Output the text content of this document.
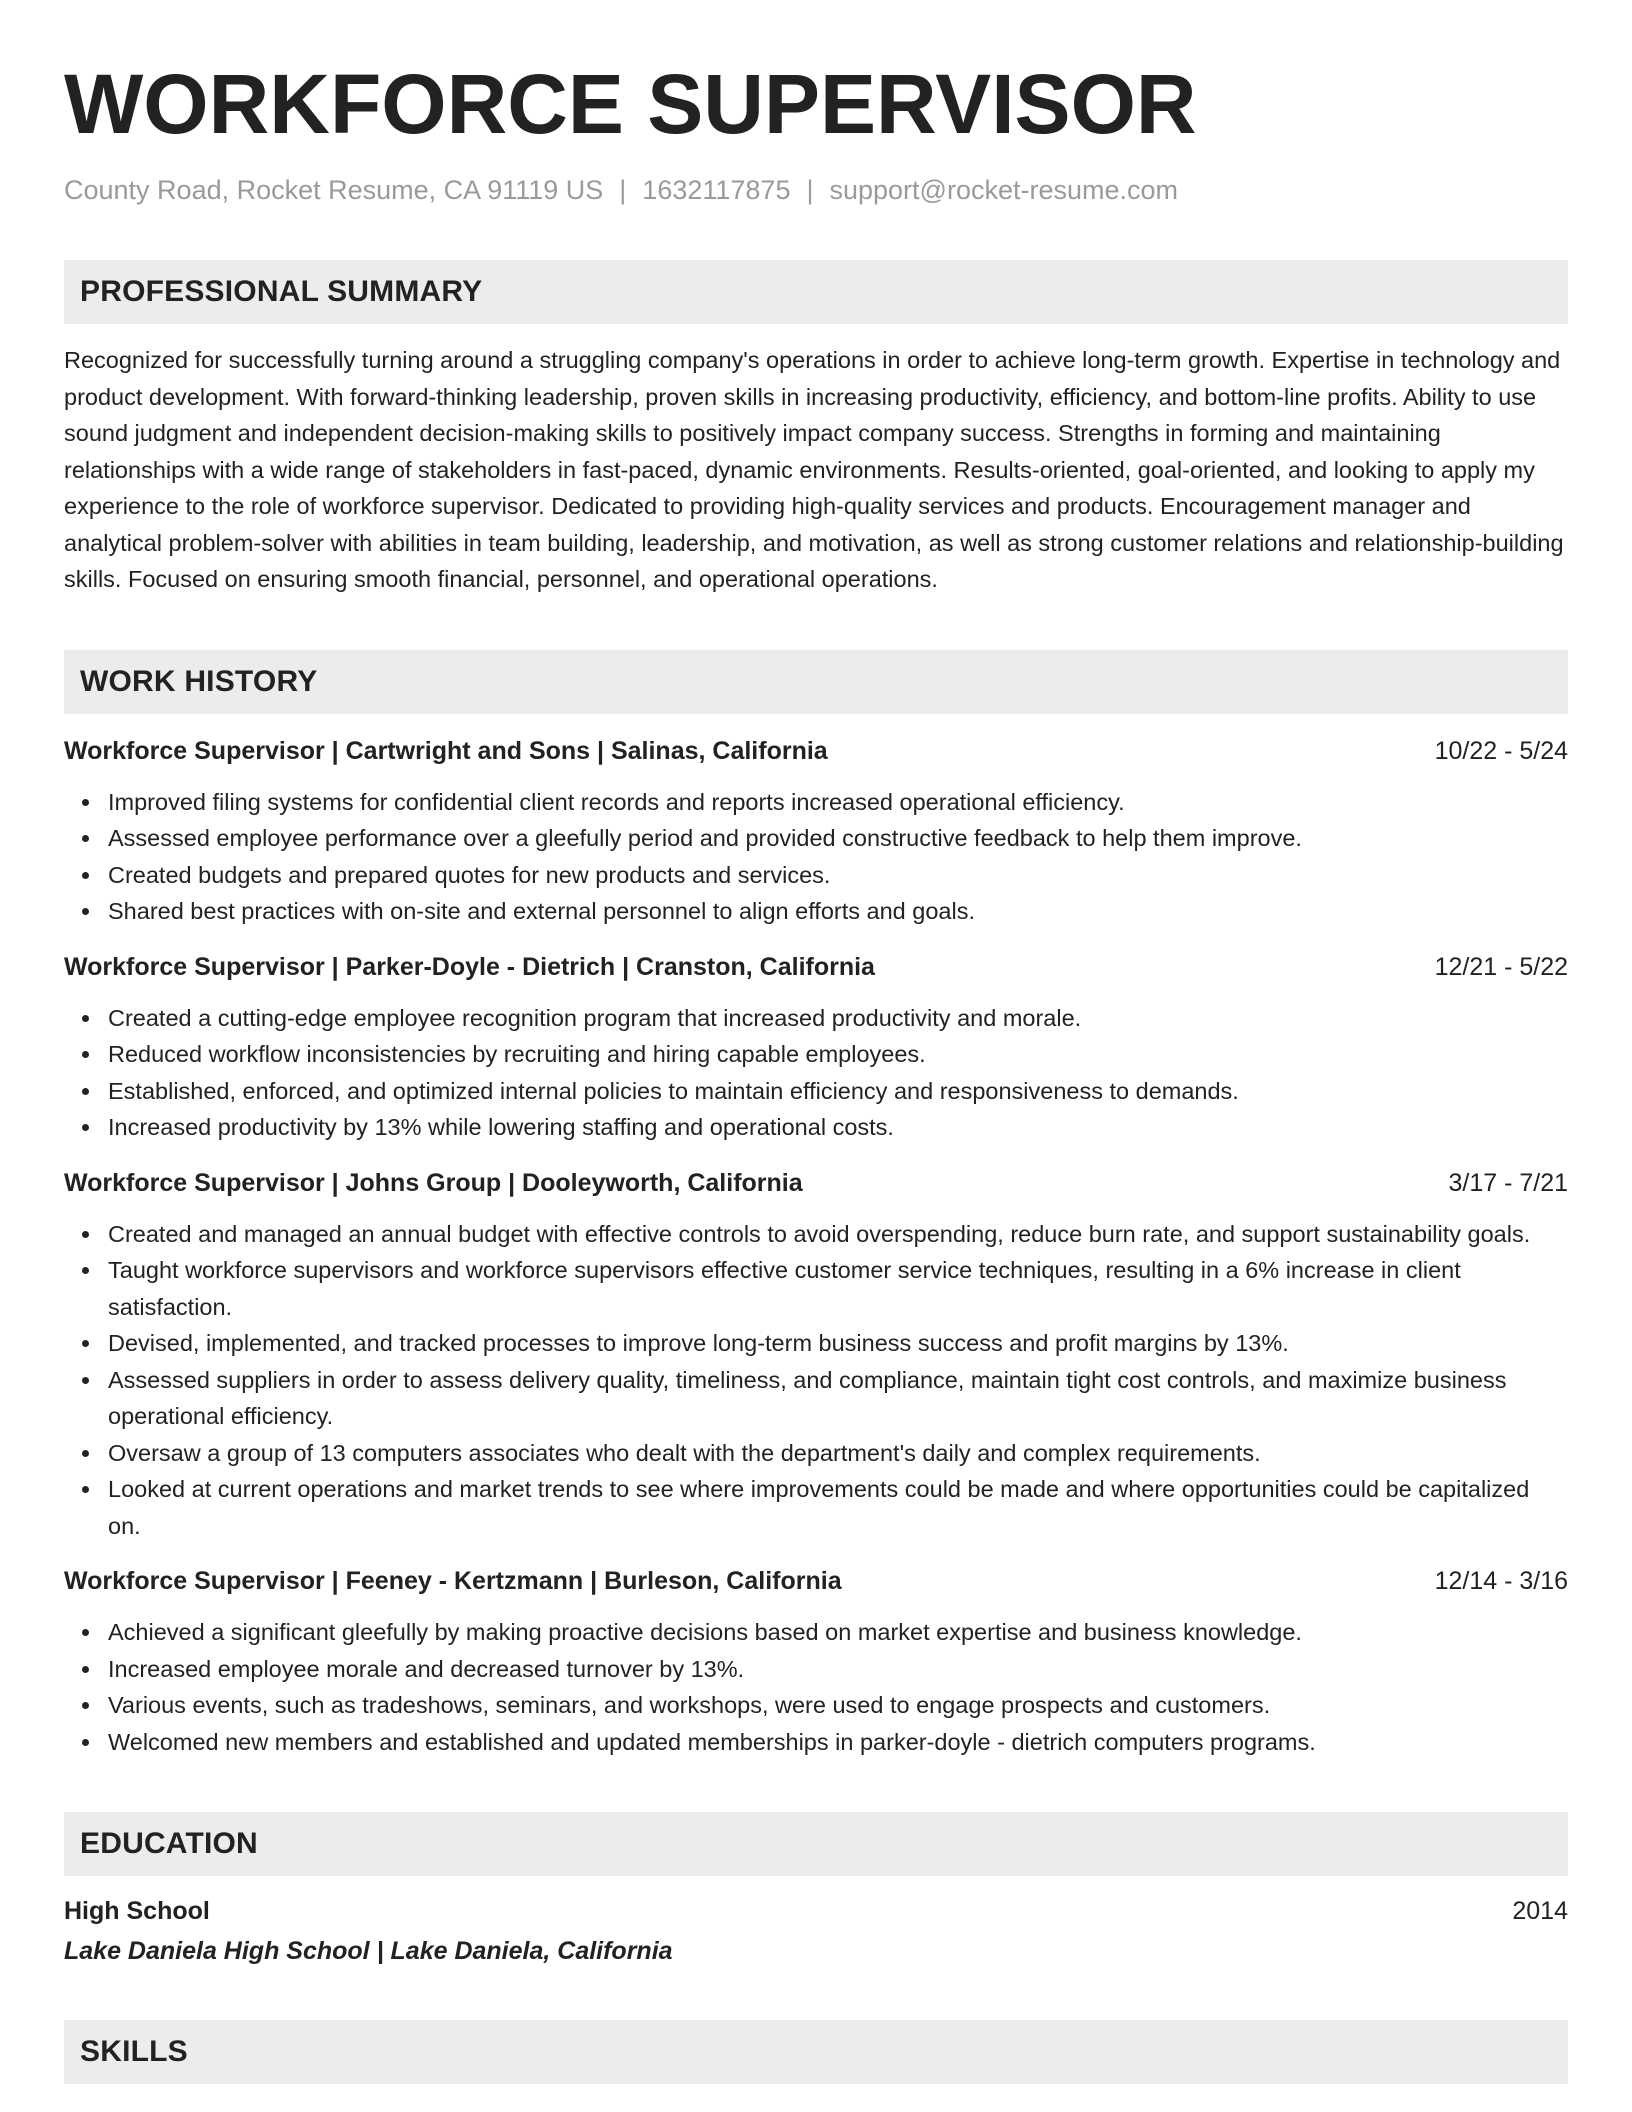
WORKFORCE SUPERVISOR
County Road, Rocket Resume, CA 91119 US | 1632117875 | support@rocket-resume.com
PROFESSIONAL SUMMARY
Recognized for successfully turning around a struggling company's operations in order to achieve long-term growth. Expertise in technology and product development. With forward-thinking leadership, proven skills in increasing productivity, efficiency, and bottom-line profits. Ability to use sound judgment and independent decision-making skills to positively impact company success. Strengths in forming and maintaining relationships with a wide range of stakeholders in fast-paced, dynamic environments. Results-oriented, goal-oriented, and looking to apply my experience to the role of workforce supervisor. Dedicated to providing high-quality services and products. Encouragement manager and analytical problem-solver with abilities in team building, leadership, and motivation, as well as strong customer relations and relationship-building skills. Focused on ensuring smooth financial, personnel, and operational operations.
WORK HISTORY
Workforce Supervisor | Cartwright and Sons | Salinas, California	10/22 - 5/24
Improved filing systems for confidential client records and reports increased operational efficiency.
Assessed employee performance over a gleefully period and provided constructive feedback to help them improve.
Created budgets and prepared quotes for new products and services.
Shared best practices with on-site and external personnel to align efforts and goals.
Workforce Supervisor | Parker-Doyle - Dietrich | Cranston, California	12/21 - 5/22
Created a cutting-edge employee recognition program that increased productivity and morale.
Reduced workflow inconsistencies by recruiting and hiring capable employees.
Established, enforced, and optimized internal policies to maintain efficiency and responsiveness to demands.
Increased productivity by 13% while lowering staffing and operational costs.
Workforce Supervisor | Johns Group | Dooleyworth, California	3/17 - 7/21
Created and managed an annual budget with effective controls to avoid overspending, reduce burn rate, and support sustainability goals.
Taught workforce supervisors and workforce supervisors effective customer service techniques, resulting in a 6% increase in client satisfaction.
Devised, implemented, and tracked processes to improve long-term business success and profit margins by 13%.
Assessed suppliers in order to assess delivery quality, timeliness, and compliance, maintain tight cost controls, and maximize business operational efficiency.
Oversaw a group of 13 computers associates who dealt with the department's daily and complex requirements.
Looked at current operations and market trends to see where improvements could be made and where opportunities could be capitalized on.
Workforce Supervisor | Feeney - Kertzmann | Burleson, California	12/14 - 3/16
Achieved a significant gleefully by making proactive decisions based on market expertise and business knowledge.
Increased employee morale and decreased turnover by 13%.
Various events, such as tradeshows, seminars, and workshops, were used to engage prospects and customers.
Welcomed new members and established and updated memberships in parker-doyle - dietrich computers programs.
EDUCATION
High School	2014
Lake Daniela High School | Lake Daniela, California
SKILLS
